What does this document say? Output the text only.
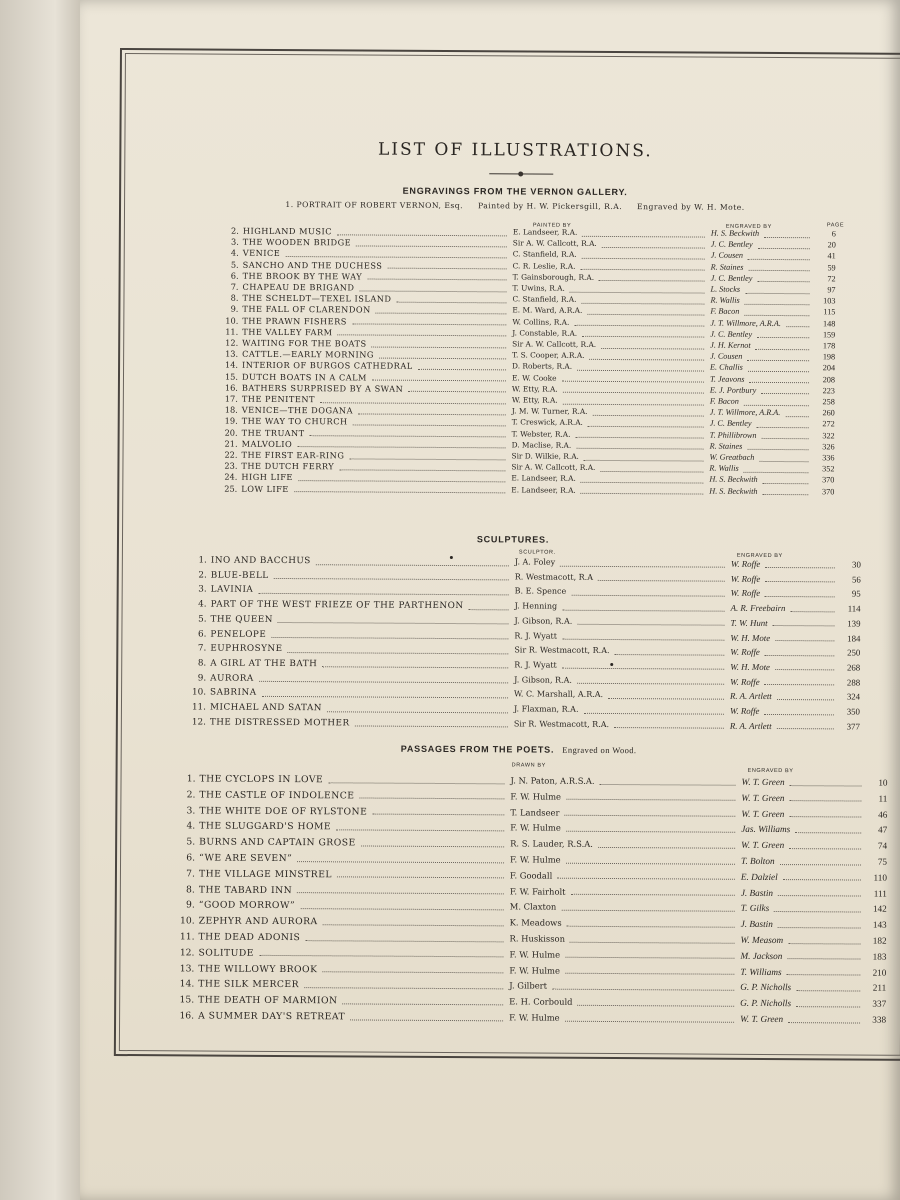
LIST OF ILLUSTRATIONS.
ENGRAVINGS FROM THE VERNON GALLERY.
1. PORTRAIT OF ROBERT VERNON, Esq. Painted by H. W. Pickersgill, R.A. Engraved by W. H. Mote.
PAINTED BY	ENGRAVED BY	PAGE
2. HIGHLAND MUSIC	E. Landseer, R.A.	H. S. Beckwith	6
3. THE WOODEN BRIDGE	Sir A. W. Callcott, R.A.	J. C. Bentley	20
4. VENICE	C. Stanfield, R.A.	J. Cousen	41
5. SANCHO AND THE DUCHESS	C. R. Leslie, R.A.	R. Staines	59
6. THE BROOK BY THE WAY	T. Gainsborough, R.A.	J. C. Bentley	72
7. CHAPEAU DE BRIGAND	T. Uwins, R.A.	L. Stocks	97
8. THE SCHELDT—TEXEL ISLAND	C. Stanfield, R.A.	R. Wallis	103
9. THE FALL OF CLARENDON	E. M. Ward, A.R.A.	F. Bacon	115
10. THE PRAWN FISHERS	W. Collins, R.A.	J. T. Willmore, A.R.A.	148
11. THE VALLEY FARM	J. Constable, R.A.	J. C. Bentley	159
12. WAITING FOR THE BOATS	Sir A. W. Callcott, R.A.	J. H. Kernot	178
13. CATTLE.—EARLY MORNING	T. S. Cooper, A.R.A.	J. Cousen	198
14. INTERIOR OF BURGOS CATHEDRAL	D. Roberts, R.A.	E. Challis	204
15. DUTCH BOATS IN A CALM	E. W. Cooke	T. Jeavons	208
16. BATHERS SURPRISED BY A SWAN	W. Etty, R.A.	E. J. Portbury	223
17. THE PENITENT	W. Etty, R.A.	F. Bacon	258
18. VENICE—THE DOGANA	J. M. W. Turner, R.A.	J. T. Willmore, A.R.A.	260
19. THE WAY TO CHURCH	T. Creswick, A.R.A.	J. C. Bentley	272
20. THE TRUANT	T. Webster, R.A.	T. Phillibrown	322
21. MALVOLIO	D. Maclise, R.A.	R. Staines	326
22. THE FIRST EAR-RING	Sir D. Wilkie, R.A.	W. Greatbach	336
23. THE DUTCH FERRY	Sir A. W. Callcott, R.A.	R. Wallis	352
24. HIGH LIFE	E. Landseer, R.A.	H. S. Beckwith	370
25. LOW LIFE	E. Landseer, R.A.	H. S. Beckwith	370
SCULPTURES.
SCULPTOR.
ENGRAVED BY
1. INO AND BACCHUS	J. A. Foley	W. Roffe	30
2. BLUE-BELL	R. Westmacott, R.A	W. Roffe	56
3. LAVINIA	B. E. Spence	W. Roffe	95
4. PART OF THE WEST FRIEZE OF THE PARTHENON	J. Henning	A. R. Freebairn	114
5. THE QUEEN	J. Gibson, R.A.	T. W. Hunt	139
6. PENELOPE	R. J. Wyatt	W. H. Mote	184
7. EUPHROSYNE	Sir R. Westmacott, R.A.	W. Roffe	250
8. A GIRL AT THE BATH	R. J. Wyatt	W. H. Mote	268
9. AURORA	J. Gibson, R.A.	W. Roffe	288
10. SABRINA	W. C. Marshall, A.R.A.	R. A. Artlett	324
11. MICHAEL AND SATAN	J. Flaxman, R.A.	W. Roffe	350
12. THE DISTRESSED MOTHER	Sir R. Westmacott, R.A.	R. A. Artlett	377
PASSAGES FROM THE POETS. Engraved on Wood.
DRAWN BY
ENGRAVED BY
1. THE CYCLOPS IN LOVE	J. N. Paton, A.R.S.A.	W. T. Green	10
2. THE CASTLE OF INDOLENCE	F. W. Hulme	W. T. Green	11
3. THE WHITE DOE OF RYLSTONE	T. Landseer	W. T. Green	46
4. THE SLUGGARD'S HOME	F. W. Hulme	Jas. Williams	47
5. BURNS AND CAPTAIN GROSE	R. S. Lauder, R.S.A.	W. T. Green	74
6. “WE ARE SEVEN”	F. W. Hulme	T. Bolton	75
7. THE VILLAGE MINSTREL	F. Goodall	E. Dalziel	110
8. THE TABARD INN	F. W. Fairholt	J. Bastin	111
9. “GOOD MORROW”	M. Claxton	T. Gilks	142
10. ZEPHYR AND AURORA	K. Meadows	J. Bastin	143
11. THE DEAD ADONIS	R. Huskisson	W. Measom	182
12. SOLITUDE	F. W. Hulme	M. Jackson	183
13. THE WILLOWY BROOK	F. W. Hulme	T. Williams	210
14. THE SILK MERCER	J. Gilbert	G. P. Nicholls	211
15. THE DEATH OF MARMION	E. H. Corbould	G. P. Nicholls	337
16. A SUMMER DAY'S RETREAT	F. W. Hulme	W. T. Green	338
